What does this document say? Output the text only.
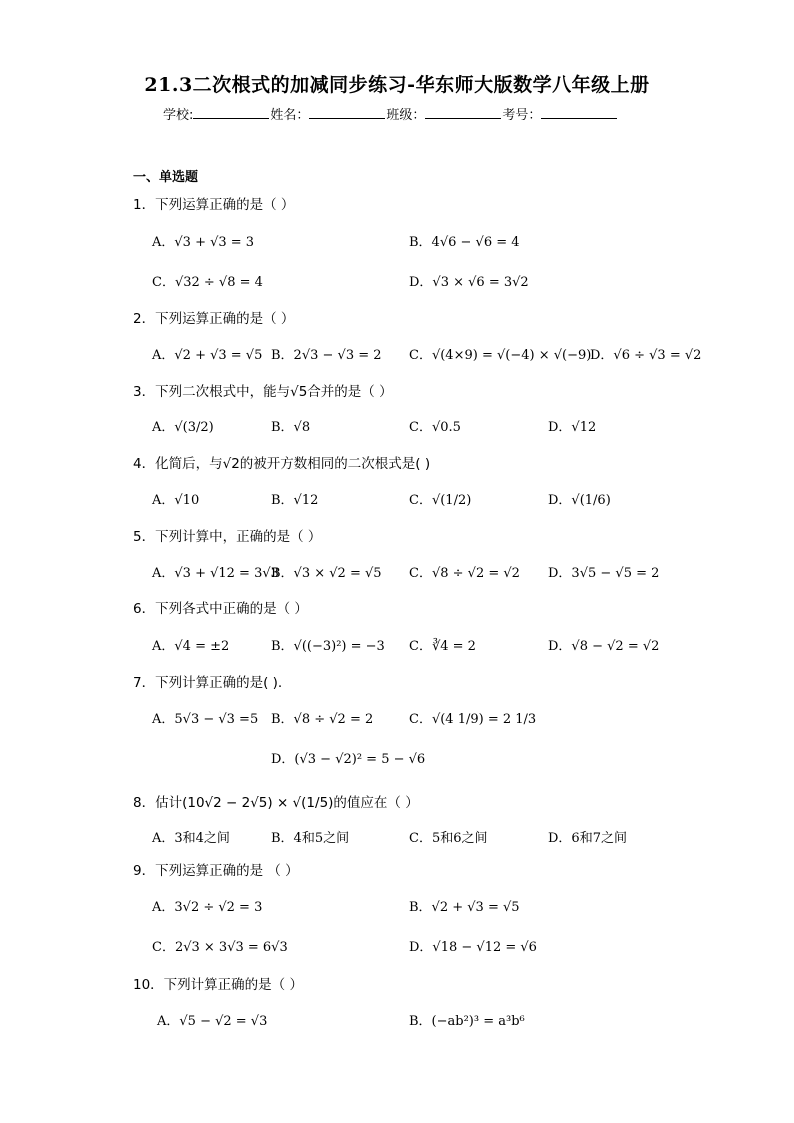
21.3二次根式的加减同步练习-华东师大版数学八年级上册
学校:	姓名：	班级：	考号：
一、单选题
1．下列运算正确的是（ ）
A．√3 + √3 = 3	B．4√6 − √6 = 4
C．√32 ÷ √8 = 4	D．√3 × √6 = 3√2
2．下列运算正确的是（ ）
A．√2 + √3 = √5 B．2√3 − √3 = 2 C．√(4×9) = √(−4) × √(−9)
D．√6 ÷ √3 = √2
3．下列二次根式中，能与√5合并的是（ ）
A．√(3/2)	B．√8	C．√0.5	D．√12
4．化简后，与√2的被开方数相同的二次根式是( )
A．√10	B．√12	C．√(1/2)	D．√(1/6)
5．下列计算中，正确的是（ ）
A．√3 + √12 = 3√3
B．√3 × √2 = √5 C．√8 ÷ √2 = √2 D．3√5 − √5 = 2
6．下列各式中正确的是（ ）
A．√4 = ±2	B．√((−3)²) = −3 C．∛4 = 2	D．√8 − √2 = √2
7．下列计算正确的是( ).
A．5√3 − √3 =5 B．√8 ÷ √2 = 2	C．√(4 1/9) = 2 1/3
D．(√3 − √2)² = 5 − √6
8．估计(10√2 − 2√5) × √(1/5)的值应在（ ）
A．3和4之间	B．4和5之间	C．5和6之间	D．6和7之间
9．下列运算正确的是 （ ）
A．3√2 ÷ √2 = 3	B．√2 + √3 = √5
C．2√3 × 3√3 = 6√3	D．√18 − √12 = √6
10．下列计算正确的是（ ）
A．√5 − √2 = √3	B．(−ab²)³ = a³b⁶
